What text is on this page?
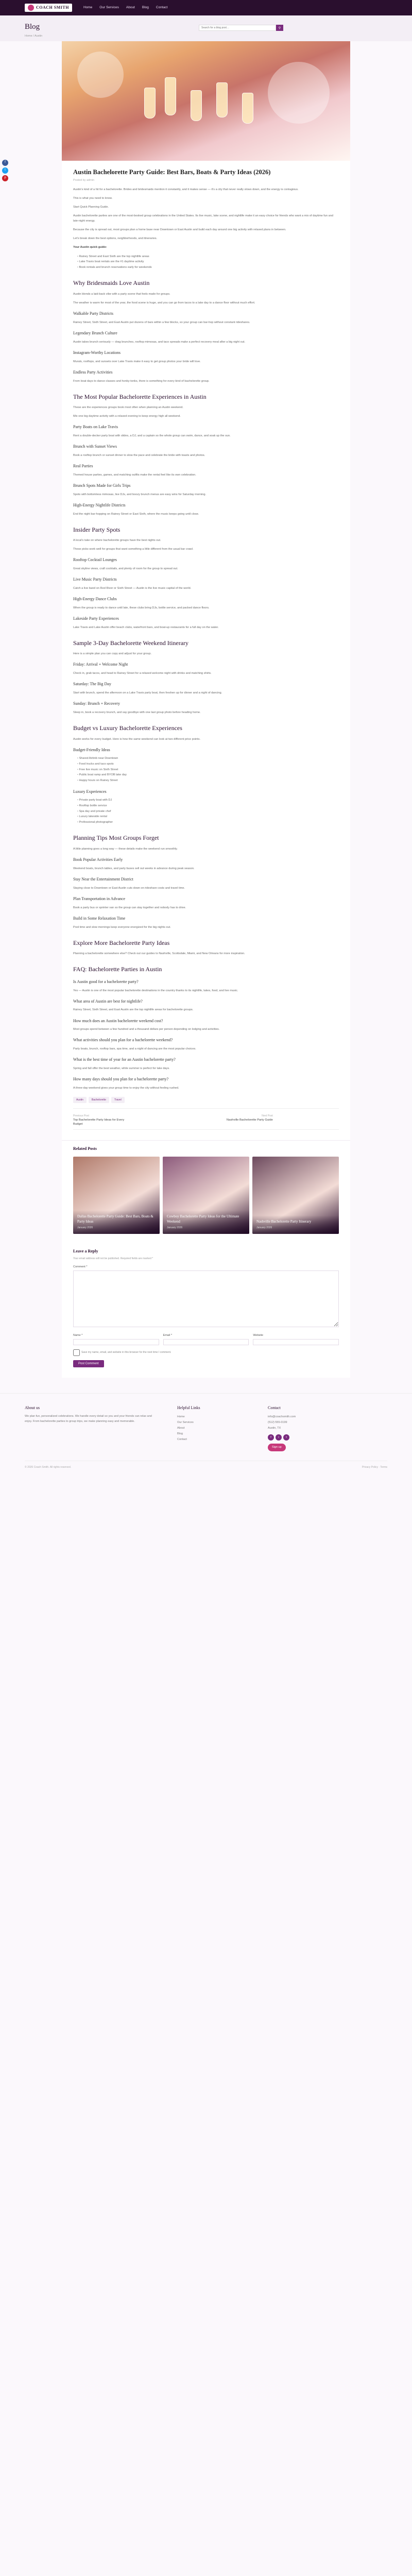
COACH SMITH	Home Our Services About Blog Contact
Blog
Home / Austin
Search for a blog post…
⚲
f
t
p
Austin Bachelorette Party Guide: Best Bars, Boats & Party Ideas (2026)
Posted by admin

Austin's kind of a hit for a bachelorette. Brides and bridesmaids mention it constantly, and it makes sense — it's a city that never really slows down, and the energy is contagious.

This is what you need to know.

Start Quick Planning Guide.

Austin bachelorette parties are one of the most-booked group celebrations in the United States. Its live music, lake scene, and nightlife make it an easy choice for friends who want a mix of daytime fun and late-night energy.

Because the city is spread out, most groups plan a home base near Downtown or East Austin and build each day around one big activity with relaxed plans in between.

Let's break down the best options, neighborhoods, and itineraries.

Your Austin quick guide:

• Rainey Street and East Sixth are the top nightlife areas
• Lake Travis boat rentals are the #1 daytime activity
• Book rentals and brunch reservations early for weekends
Why Bridesmaids Love Austin

Austin blends a laid-back vibe with a party scene that feels made for groups.

The weather is warm for most of the year, the food scene is huge, and you can go from tacos to a lake day to a dance floor without much effort.

Walkable Party Districts

Rainey Street, Sixth Street, and East Austin put dozens of bars within a few blocks, so your group can bar-hop without constant rideshares.

Legendary Brunch Culture

Austin takes brunch seriously — drag brunches, rooftop mimosas, and taco spreads make a perfect recovery meal after a big night out.

Instagram-Worthy Locations

Murals, rooftops, and sunsets over Lake Travis make it easy to get group photos your bride will love.

Endless Party Activities

From boat days to dance classes and honky-tonks, there is something for every kind of bachelorette group.

The Most Popular Bachelorette Experiences in Austin

These are the experiences groups book most often when planning an Austin weekend.

Mix one big daytime activity with a relaxed evening to keep energy high all weekend.

Party Boats on Lake Travis

Rent a double-decker party boat with slides, a DJ, and a captain so the whole group can swim, dance, and soak up the sun.

Brunch with Sunset Views

Book a rooftop brunch or sunset dinner to slow the pace and celebrate the bride with toasts and photos.

Real Parties

Themed house parties, games, and matching outfits make the rental feel like its own celebration.

Brunch Spots Made for Girls Trips

Spots with bottomless mimosas, live DJs, and boozy brunch menus are easy wins for Saturday morning.

High-Energy Nightlife Districts

End the night bar-hopping on Rainey Street or East Sixth, where the music keeps going until close.

Insider Party Spots

A local's take on where bachelorette groups have the best nights out.

These picks work well for groups that want something a little different from the usual bar crawl.

Rooftop Cocktail Lounges

Great skyline views, craft cocktails, and plenty of room for the group to spread out.

Live Music Party Districts

Catch a live band on Red River or Sixth Street — Austin is the live music capital of the world.

High-Energy Dance Clubs

When the group is ready to dance until late, these clubs bring DJs, bottle service, and packed dance floors.

Lakeside Party Experiences

Lake Travis and Lake Austin offer beach clubs, waterfront bars, and boat-up restaurants for a full day on the water.

Sample 3-Day Bachelorette Weekend Itinerary

Here is a simple plan you can copy and adjust for your group.

Friday: Arrival + Welcome Night

Check in, grab tacos, and head to Rainey Street for a relaxed welcome night with drinks and matching shirts.

Saturday: The Big Day

Start with brunch, spend the afternoon on a Lake Travis party boat, then freshen up for dinner and a night of dancing.

Sunday: Brunch + Recovery

Sleep in, book a recovery brunch, and say goodbye with one last group photo before heading home.

Budget vs Luxury Bachelorette Experiences

Austin works for every budget. Here is how the same weekend can look at two different price points.

Budget-Friendly Ideas
• Shared Airbnb near Downtown
• Food trucks and taco spots
• Free live music on Sixth Street
• Public boat ramp and BYOB lake day
• Happy hours on Rainey Street
Luxury Experiences
• Private party boat with DJ
• Rooftop bottle service
• Spa day and private chef
• Luxury lakeside rental
• Professional photographer
Planning Tips Most Groups Forget

A little planning goes a long way — these details make the weekend run smoothly.

Book Popular Activities Early

Weekend boats, brunch tables, and party buses sell out weeks in advance during peak season.

Stay Near the Entertainment District

Staying close to Downtown or East Austin cuts down on rideshare costs and travel time.

Plan Transportation in Advance

Book a party bus or sprinter van so the group can stay together and nobody has to drive.

Build in Some Relaxation Time

Pool time and slow mornings keep everyone energized for the big nights out.

Explore More Bachelorette Party Ideas

Planning a bachelorette somewhere else? Check out our guides to Nashville, Scottsdale, Miami, and New Orleans for more inspiration.

FAQ: Bachelorette Parties in Austin
Is Austin good for a bachelorette party?

Yes — Austin is one of the most popular bachelorette destinations in the country thanks to its nightlife, lakes, food, and live music.

What area of Austin are best for nightlife?

Rainey Street, Sixth Street, and East Austin are the top nightlife areas for bachelorette groups.

How much does an Austin bachelorette weekend cost?

Most groups spend between a few hundred and a thousand dollars per person depending on lodging and activities.

What activities should you plan for a bachelorette weekend?

Party boats, brunch, rooftop bars, spa time, and a night of dancing are the most popular choices.

What is the best time of year for an Austin bachelorette party?

Spring and fall offer the best weather, while summer is perfect for lake days.

How many days should you plan for a bachelorette party?

A three-day weekend gives your group time to enjoy the city without feeling rushed.

Austin	Bachelorette	Travel
Previous Post
Top Bachelorette Party Ideas for Every Budget
Next Post
Nashville Bachelorette Party Guide
Related Posts
Dallas Bachelorette Party Guide: Best Bars, Boats & Party Ideas
January 2026
Cowboy Bachelorette Party Ideas for the Ultimate Weekend
January 2026
Nashville Bachelorette Party Itinerary
January 2026
Leave a Reply
Your email address will not be published. Required fields are marked *
Comment *
Name *	Email *	Website
Save my name, email, and website in this browser for the next time I comment.
Post Comment
About us

We plan fun, personalized celebrations. We handle every detail so you and your friends can relax and enjoy. From bachelorette parties to group trips, we make planning easy and memorable.

Helpful Links
Home
Our Services
About
Blog
Contact
Contact
info@coachsmith.com
(512) 555-0199
Austin, TX
f	i	t
Sign up
© 2026 Coach Smith. All rights reserved.	Privacy Policy · Terms
